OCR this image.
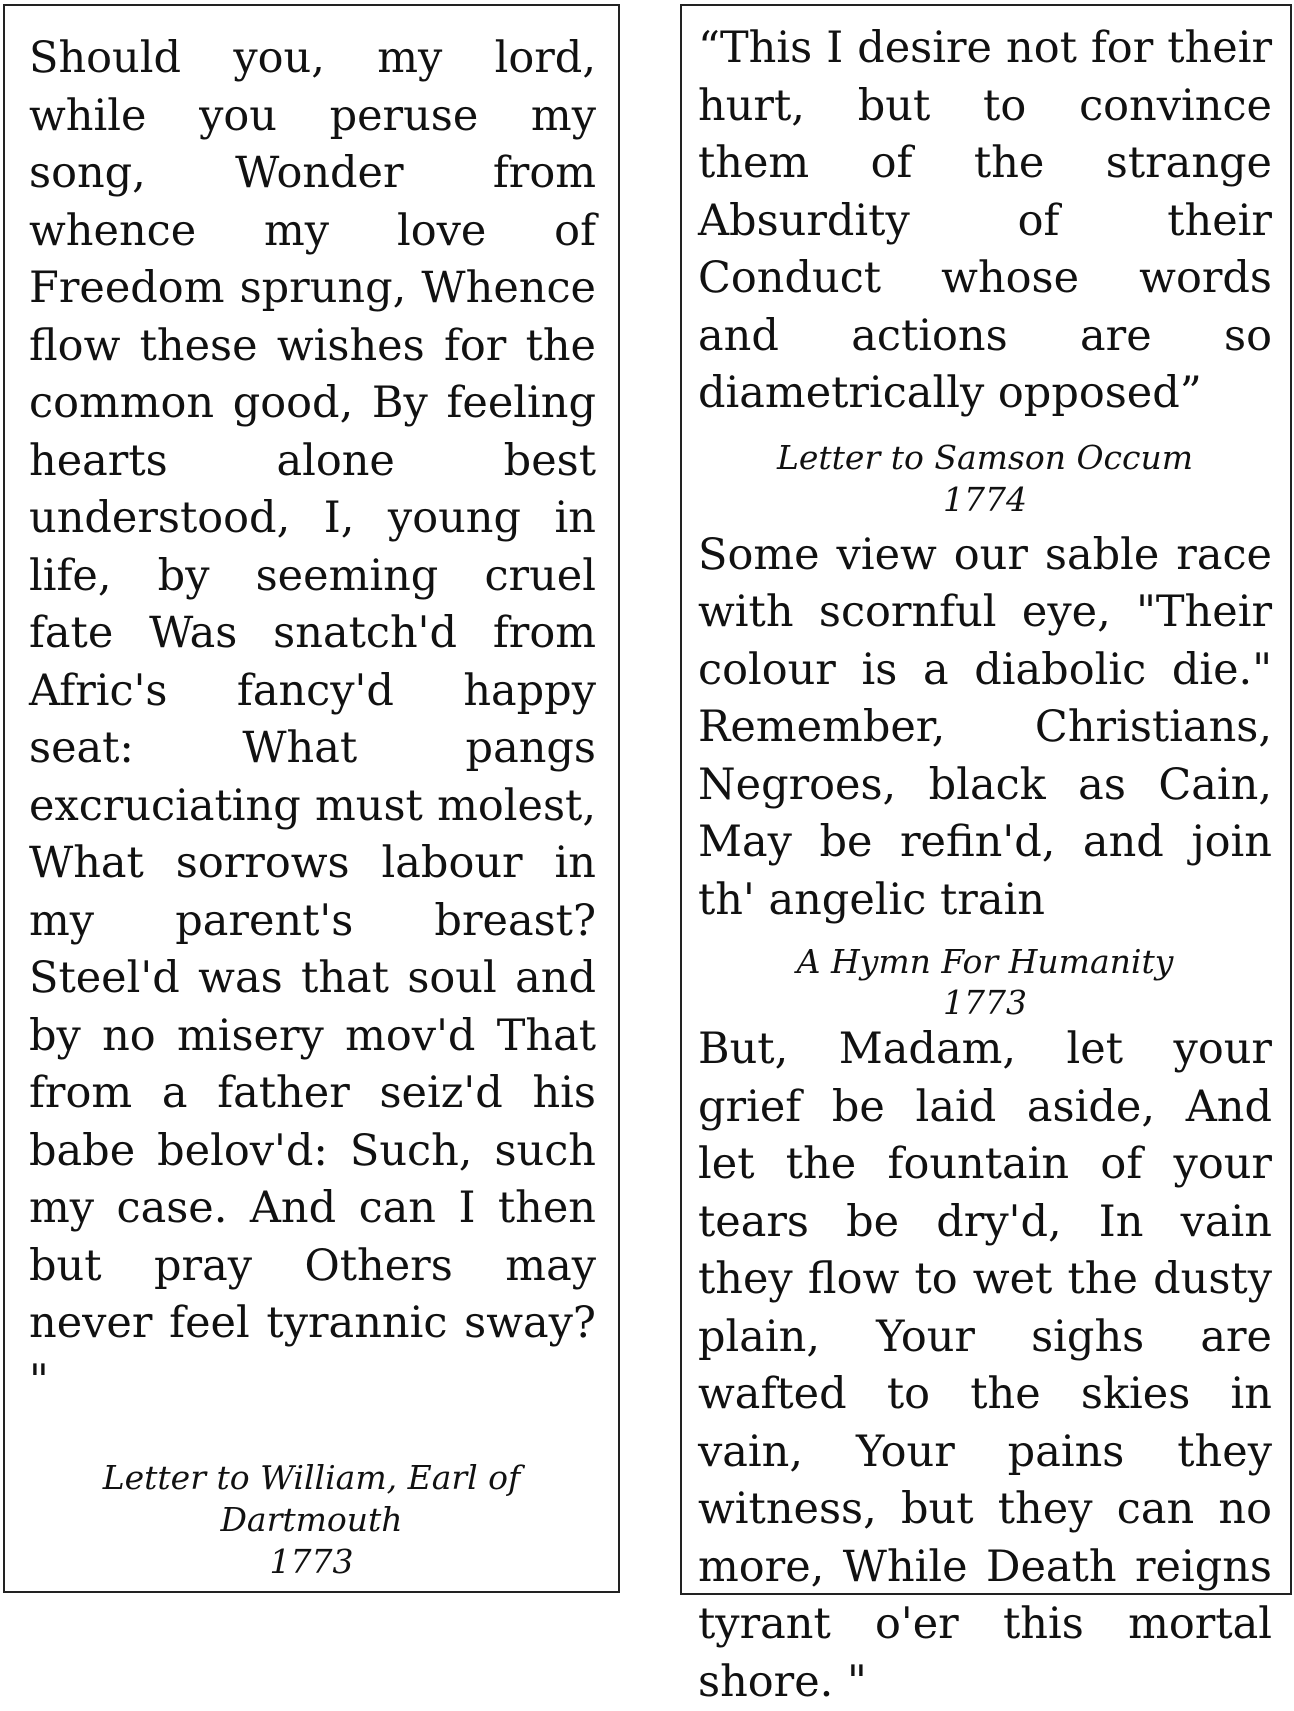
Should you, my lord, while you peruse my song, Wonder from whence my love of Freedom sprung, Whence flow these wishes for the common good, By feeling hearts alone best understood, I, young in life, by seeming cruel fate Was snatch'd from Afric's fancy'd happy seat: What pangs excruciating must molest, What sorrows labour in my parent's breast? Steel'd was that soul and by no misery mov'd That from a father seiz'd his babe belov'd: Such, such my case. And can I then but pray Others may never feel tyrannic sway? "

Letter to William, Earl of
Dartmouth
1773

“This I desire not for their hurt, but to convince them of the strange Absurdity of their Conduct whose words and actions are so diametrically opposed”

Letter to Samson Occum
1774

Some view our sable race with scornful eye, "Their colour is a diabolic die." Remember, Christians, Negroes, black as Cain, May be refin'd, and join th' angelic train

A Hymn For Humanity
1773

But, Madam, let your grief be laid aside, And let the fountain of your tears be dry'd, In vain they flow to wet the dusty plain, Your sighs are wafted to the skies in vain, Your pains they witness, but they can no more, While Death reigns tyrant o'er this mortal shore. "
